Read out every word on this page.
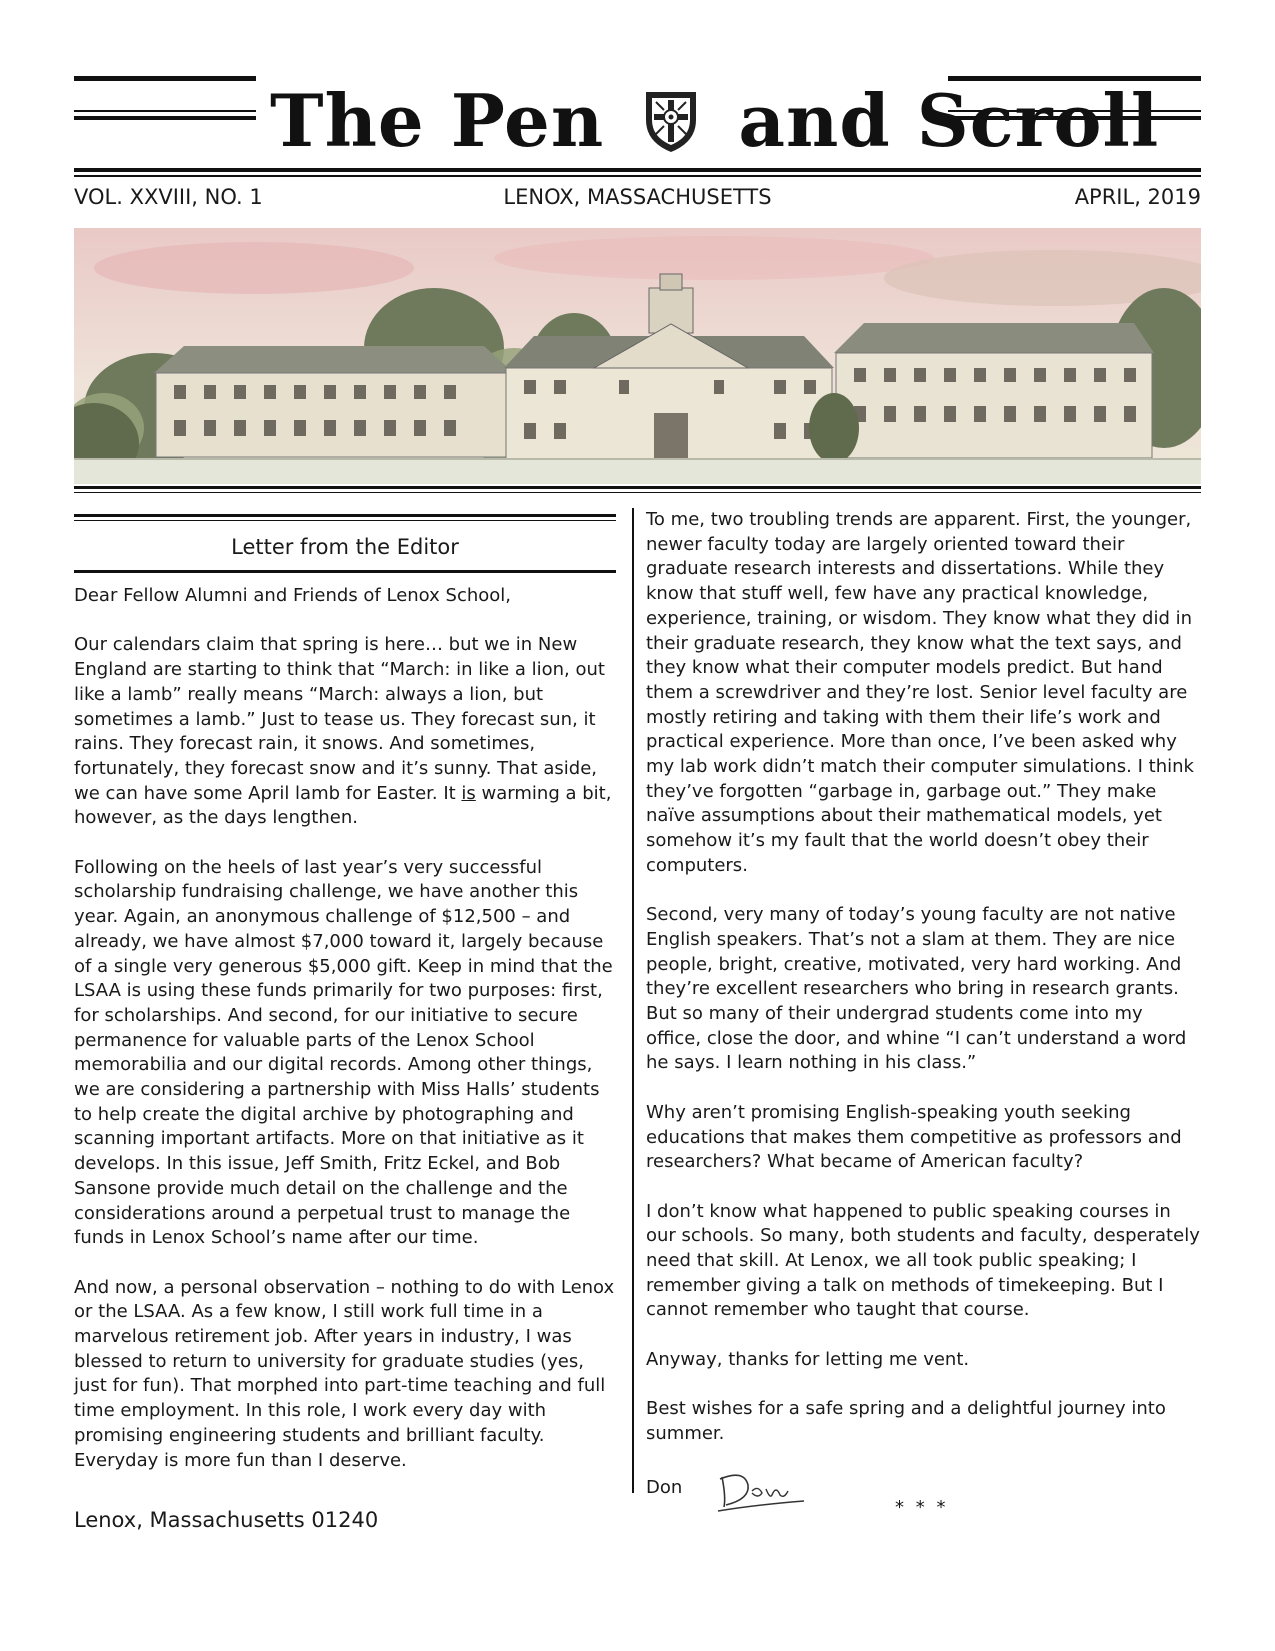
The Pen and Scroll
VOL. XXVIII, NO. 1	LENOX, MASSACHUSETTS	APRIL, 2019
Letter from the Editor

Dear Fellow Alumni and Friends of Lenox School,

Our calendars claim that spring is here… but we in New England are starting to think that “March: in like a lion, out like a lamb” really means “March: always a lion, but sometimes a lamb.” Just to tease us. They forecast sun, it rains. They forecast rain, it snows. And sometimes, fortunately, they forecast snow and it’s sunny. That aside, we can have some April lamb for Easter. It is warming a bit, however, as the days lengthen.

Following on the heels of last year’s very successful scholarship fundraising challenge, we have another this year. Again, an anonymous challenge of $12,500 – and already, we have almost $7,000 toward it, largely because of a single very generous $5,000 gift. Keep in mind that the LSAA is using these funds primarily for two purposes: first, for scholarships. And second, for our initiative to secure permanence for valuable parts of the Lenox School memorabilia and our digital records. Among other things, we are considering a partnership with Miss Halls’ students to help create the digital archive by photographing and scanning important artifacts. More on that initiative as it develops. In this issue, Jeff Smith, Fritz Eckel, and Bob Sansone provide much detail on the challenge and the considerations around a perpetual trust to manage the funds in Lenox School’s name after our time.

And now, a personal observation – nothing to do with Lenox or the LSAA. As a few know, I still work full time in a marvelous retirement job. After years in industry, I was blessed to return to university for graduate studies (yes, just for fun). That morphed into part-time teaching and full time employment. In this role, I work every day with promising engineering students and brilliant faculty. Everyday is more fun than I deserve.

To me, two troubling trends are apparent. First, the younger, newer faculty today are largely oriented toward their graduate research interests and dissertations. While they know that stuff well, few have any practical knowledge, experience, training, or wisdom. They know what they did in their graduate research, they know what the text says, and they know what their computer models predict. But hand them a screwdriver and they’re lost. Senior level faculty are mostly retiring and taking with them their life’s work and practical experience. More than once, I’ve been asked why my lab work didn’t match their computer simulations. I think they’ve forgotten “garbage in, garbage out.” They make naïve assumptions about their mathematical models, yet somehow it’s my fault that the world doesn’t obey their computers.

Second, very many of today’s young faculty are not native English speakers. That’s not a slam at them. They are nice people, bright, creative, motivated, very hard working. And they’re excellent researchers who bring in research grants. But so many of their undergrad students come into my office, close the door, and whine “I can’t understand a word he says. I learn nothing in his class.”

Why aren’t promising English-speaking youth seeking educations that makes them competitive as professors and researchers? What became of American faculty?

I don’t know what happened to public speaking courses in our schools. So many, both students and faculty, desperately need that skill. At Lenox, we all took public speaking; I remember giving a talk on methods of timekeeping. But I cannot remember who taught that course.

Anyway, thanks for letting me vent.

Best wishes for a safe spring and a delightful journey into summer.

Don
* * *
Lenox, Massachusetts 01240
